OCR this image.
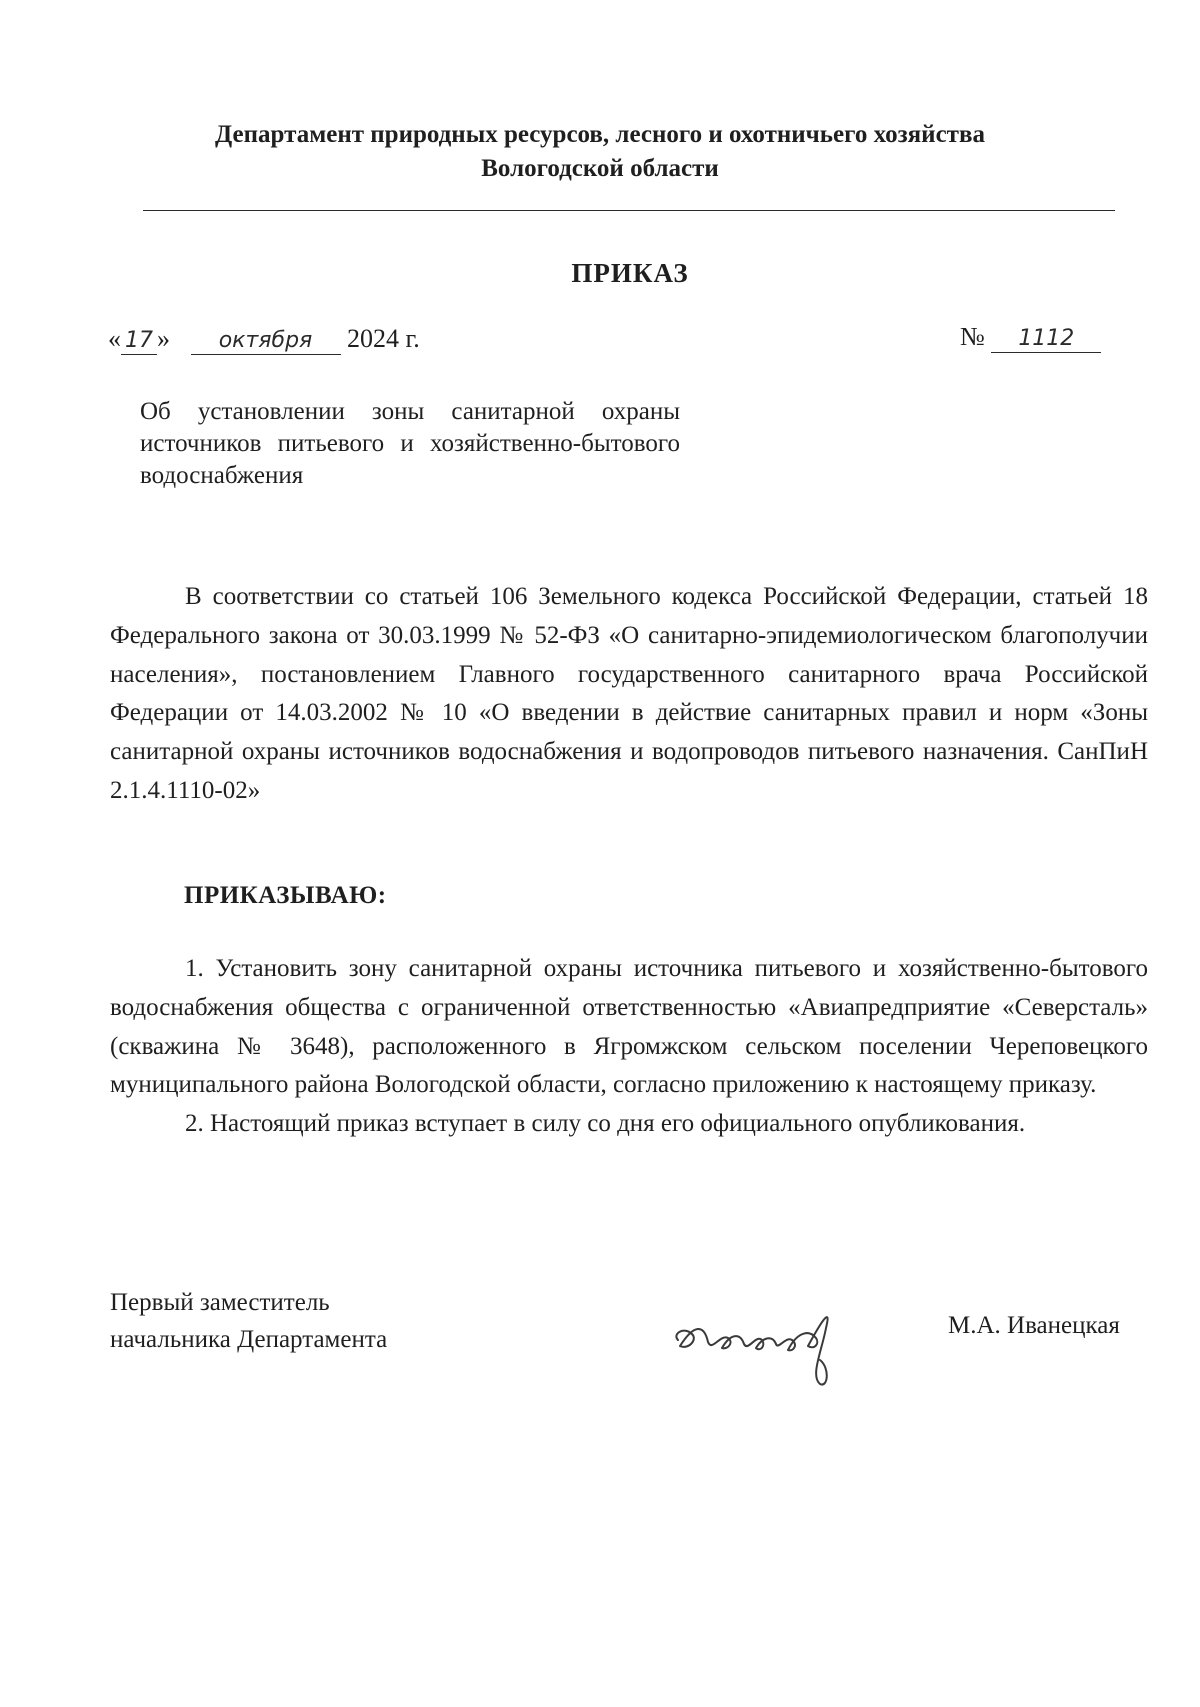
Департамент природных ресурсов, лесного и охотничьего хозяйства
Вологодской области
ПРИКАЗ
« 17 » октября 2024 г.	№ 1112
Об установлении зоны санитарной охраны источников питьевого и хозяйственно-бытового водоснабжения
В соответствии со статьей 106 Земельного кодекса Российской Федерации, статьей 18 Федерального закона от 30.03.1999 № 52-ФЗ «О санитарно-эпидемиологическом благополучии населения», постановлением Главного государственного санитарного врача Российской Федерации от 14.03.2002 № 10 «О введении в действие санитарных правил и норм «Зоны санитарной охраны источников водоснабжения и водопроводов питьевого назначения. СанПиН 2.1.4.1110-02»
ПРИКАЗЫВАЮ:

1. Установить зону санитарной охраны источника питьевого и хозяйственно-бытового водоснабжения общества с ограниченной ответственностью «Авиапредприятие «Северсталь» (скважина № 3648), расположенного в Ягромжском сельском поселении Череповецкого муниципального района Вологодской области, согласно приложению к настоящему приказу.

2. Настоящий приказ вступает в силу со дня его официального опубликования.

Первый заместитель
начальника Департамента
М.А. Иванецкая
